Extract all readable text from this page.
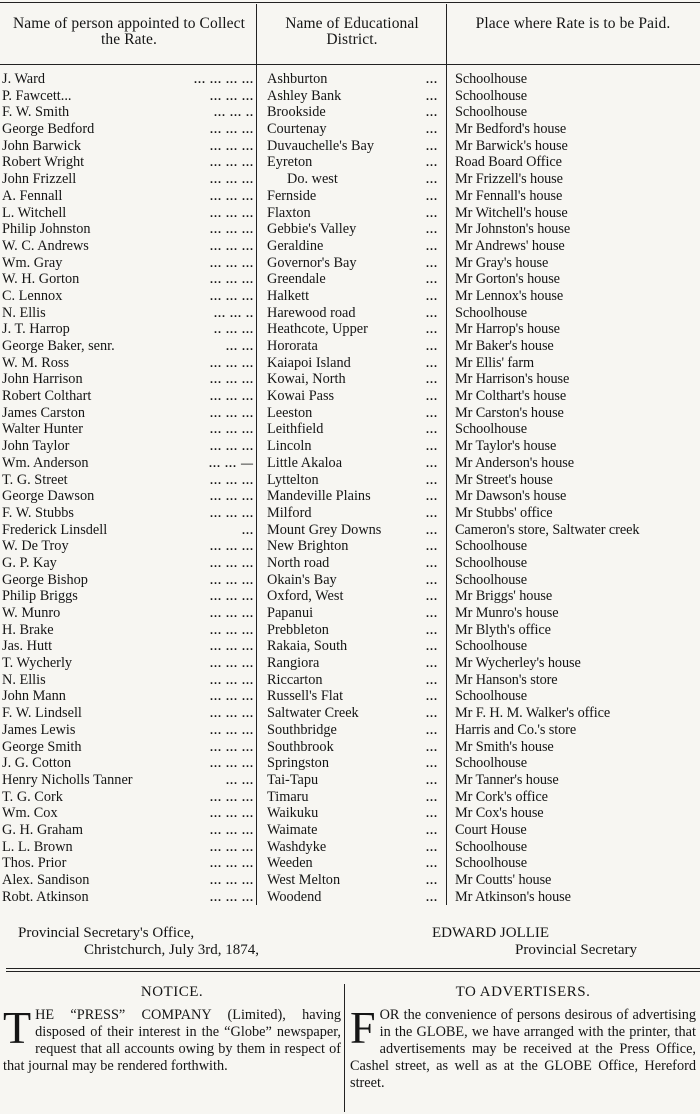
Name of person appointed to Collect the Rate.
Name of Educational District.
Place where Rate is to be Paid.
J. Ward	... ... ... ... Ashburton	... Schoolhouse
P. Fawcett...	... ... ... Ashley Bank	... Schoolhouse
F. W. Smith	... ... .. Brookside	... Schoolhouse
George Bedford	... ... ... Courtenay	... Mr Bedford's house
John Barwick	... ... ... Duvauchelle's Bay	... Mr Barwick's house
Robert Wright	... ... ... Eyreton	... Road Board Office
John Frizzell	... ... ...	Do. west	... Mr Frizzell's house
A. Fennall	... ... ... Fernside	... Mr Fennall's house
L. Witchell	... ... ... Flaxton	... Mr Witchell's house
Philip Johnston	... ... ... Gebbie's Valley	... Mr Johnston's house
W. C. Andrews	... ... ... Geraldine	... Mr Andrews' house
Wm. Gray	... ... ... Governor's Bay	... Mr Gray's house
W. H. Gorton	... ... ... Greendale	... Mr Gorton's house
C. Lennox	... ... ... Halkett	... Mr Lennox's house
N. Ellis	... ... .. Harewood road	... Schoolhouse
J. T. Harrop	.. ... ... Heathcote, Upper	... Mr Harrop's house
George Baker, senr.	... ... Hororata	... Mr Baker's house
W. M. Ross	... ... ... Kaiapoi Island	... Mr Ellis' farm
John Harrison	... ... ... Kowai, North	... Mr Harrison's house
Robert Colthart	... ... ... Kowai Pass	... Mr Colthart's house
James Carston	... ... ... Leeston	... Mr Carston's house
Walter Hunter	... ... ... Leithfield	... Schoolhouse
John Taylor	... ... ... Lincoln	... Mr Taylor's house
Wm. Anderson	... ... — Little Akaloa	... Mr Anderson's house
T. G. Street	... ... ... Lyttelton	... Mr Street's house
George Dawson	... ... ... Mandeville Plains	... Mr Dawson's house
F. W. Stubbs	... ... ... Milford	... Mr Stubbs' office
Frederick Linsdell	... Mount Grey Downs	... Cameron's store, Saltwater creek
W. De Troy	... ... ... New Brighton	... Schoolhouse
G. P. Kay	... ... ... North road	... Schoolhouse
George Bishop	... ... ... Okain's Bay	... Schoolhouse
Philip Briggs	... ... ... Oxford, West	... Mr Briggs' house
W. Munro	... ... ... Papanui	... Mr Munro's house
H. Brake	... ... ... Prebbleton	... Mr Blyth's office
Jas. Hutt	... ... ... Rakaia, South	... Schoolhouse
T. Wycherly	... ... ... Rangiora	... Mr Wycherley's house
N. Ellis	... ... ... Riccarton	... Mr Hanson's store
John Mann	... ... ... Russell's Flat	... Schoolhouse
F. W. Lindsell	... ... ... Saltwater Creek	... Mr F. H. M. Walker's office
James Lewis	... ... ... Southbridge	... Harris and Co.'s store
George Smith	... ... ... Southbrook	... Mr Smith's house
J. G. Cotton	... ... ... Springston	... Schoolhouse
Henry Nicholls Tanner	... ... Tai-Tapu	... Mr Tanner's house
T. G. Cork	... ... ... Timaru	... Mr Cork's office
Wm. Cox	... ... ... Waikuku	... Mr Cox's house
G. H. Graham	... ... ... Waimate	... Court House
L. L. Brown	... ... ... Washdyke	... Schoolhouse
Thos. Prior	... ... ... Weeden	... Schoolhouse
Alex. Sandison	... ... ... West Melton	... Mr Coutts' house
Robt. Atkinson	... ... ... Woodend	... Mr Atkinson's house
Provincial Secretary's Office,
Christchurch, July 3rd, 1874,
EDWARD JOLLIE
Provincial Secretary
NOTICE.
T HE “PRESS” COMPANY (Limited), having disposed of their interest in the “Globe” newspaper, request that all accounts owing by them in respect of that journal may be rendered forthwith.
TO ADVERTISERS.
F OR the convenience of persons desirous of advertising in the GLOBE, we have arranged with the printer, that advertisements may be received at the Press Office, Cashel street, as well as at the GLOBE Office, Hereford street.
